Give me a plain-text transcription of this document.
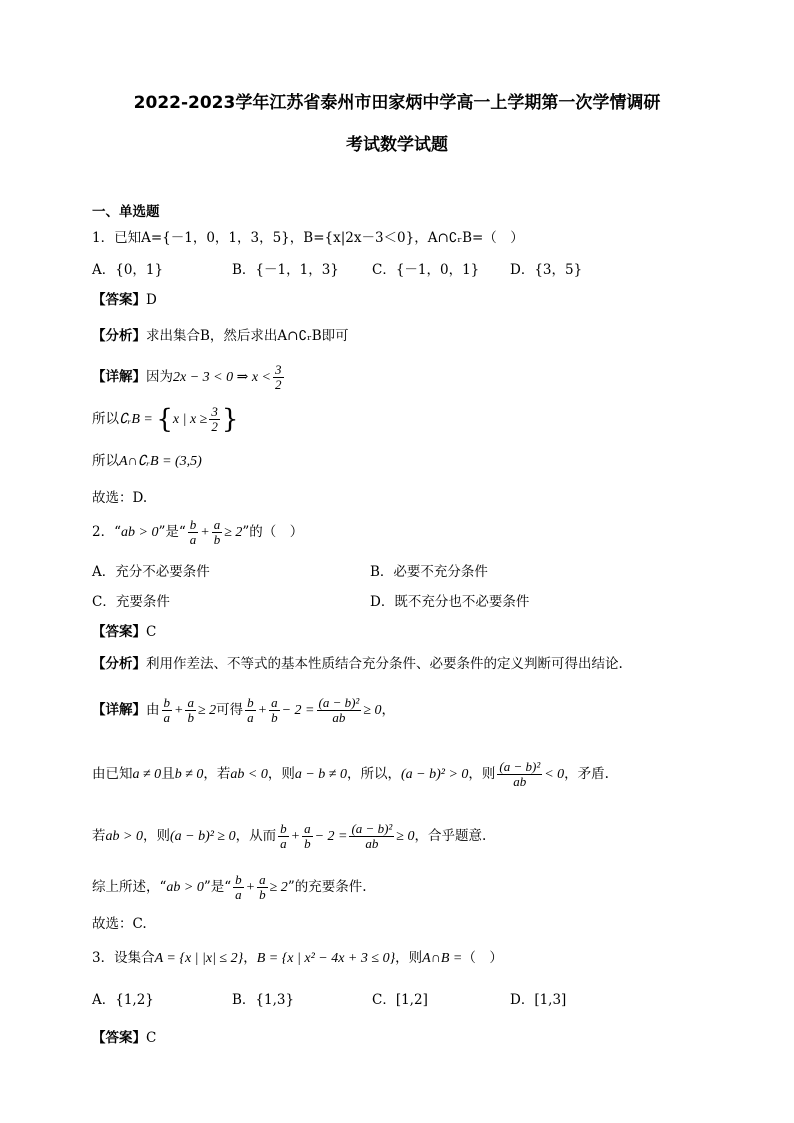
2022-2023学年江苏省泰州市田家炳中学高一上学期第一次学情调研
考试数学试题
一、单选题
1．已知A={－1，0，1，3，5}，B={x|2x－3＜0}，A∩∁ᵣB=（　）
A．{0，1}	B．{－1，1，3} C．{－1，0，1} D．{3，5}
【答案】D
【分析】求出集合B，然后求出A∩∁ᵣB即可
【详解】因为2x − 3 < 0 ⇒ $x < \frac{3}{2}$
所以∁ᵣB = {x | $x \ge \frac{3}{2}$ }
所以A∩∁ᵣB = (3,5)
故选：D.
2．“ab > 0”是“ $\frac{b}{a} + \frac{a}{b} \ge 2$”的（　）
A．充分不必要条件	B．必要不充分条件
C．充要条件	D．既不充分也不必要条件
【答案】C
【分析】利用作差法、不等式的基本性质结合充分条件、必要条件的定义判断可得出结论.
【详解】由 $\frac{b}{a} + \frac{a}{b} \ge 2$可得 $\frac{b}{a} + \frac{a}{b} - 2 = \frac{\text{(a − b)²}}{ab} \ge 0$，
由已知a ≠ 0且b ≠ 0，若ab < 0，则a − b ≠ 0，所以，(a − b)² > 0，则 $\frac{\text{(a − b)²}}{ab} < 0$，矛盾.
若ab > 0，则(a − b)² ≥ 0，从而 $\frac{b}{a} + \frac{a}{b} - 2 = \frac{\text{(a − b)²}}{ab} \ge 0$，合乎题意.
综上所述，“ab > 0”是“ $\frac{b}{a} + \frac{a}{b} \ge 2$”的充要条件.
故选：C.
3．设集合A = {x | |x| ≤ 2}，B = {x | x² − 4x + 3 ≤ 0}，则A∩B =（　）
A．{1,2}	B．{1,3}	C．[1,2]	D．[1,3]
【答案】C
